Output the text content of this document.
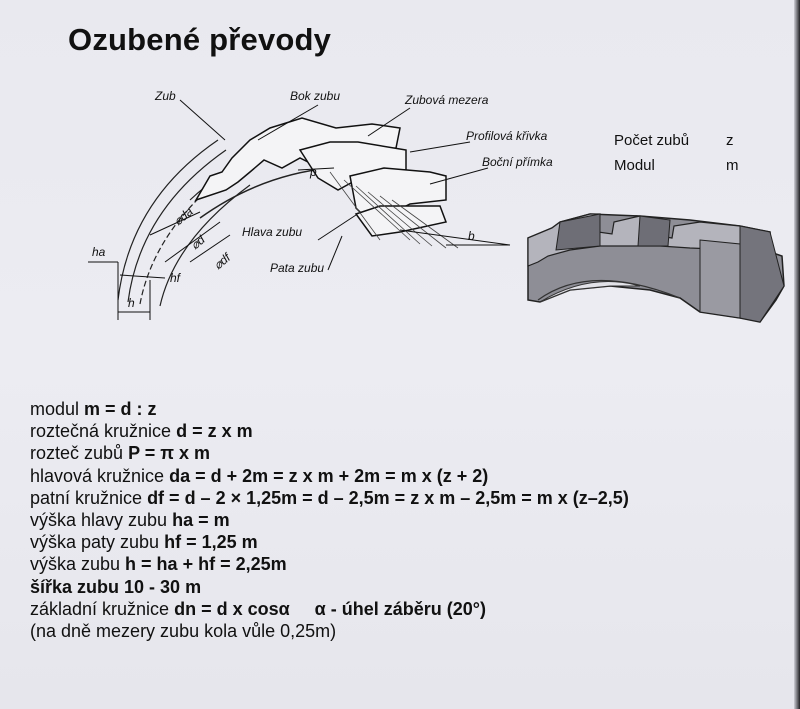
Ozubené převody
Zub	Bok zubu	Zubová mezera
Profilová křivka
Boční přímka
Hlava zubu
Pata zubu
p
b
⌀da
⌀d
⌀df
ha
hf
h
Počet zubů	z
Modul	m
modul m = d : z
roztečná kružnice d = z x m
rozteč zubů P = π x m
hlavová kružnice da = d + 2m = z x m + 2m = m x (z + 2)
patní kružnice df = d – 2 × 1,25m = d – 2,5m = z x m – 2,5m = m x (z–2,5)
výška hlavy zubu ha = m
výška paty zubu hf = 1,25 m
výška zubu h = ha + hf = 2,25m
šířka zubu 10 - 30 m
základní kružnice dn = d x cosα     α - úhel záběru (20°)
(na dně mezery zubu kola vůle 0,25m)
